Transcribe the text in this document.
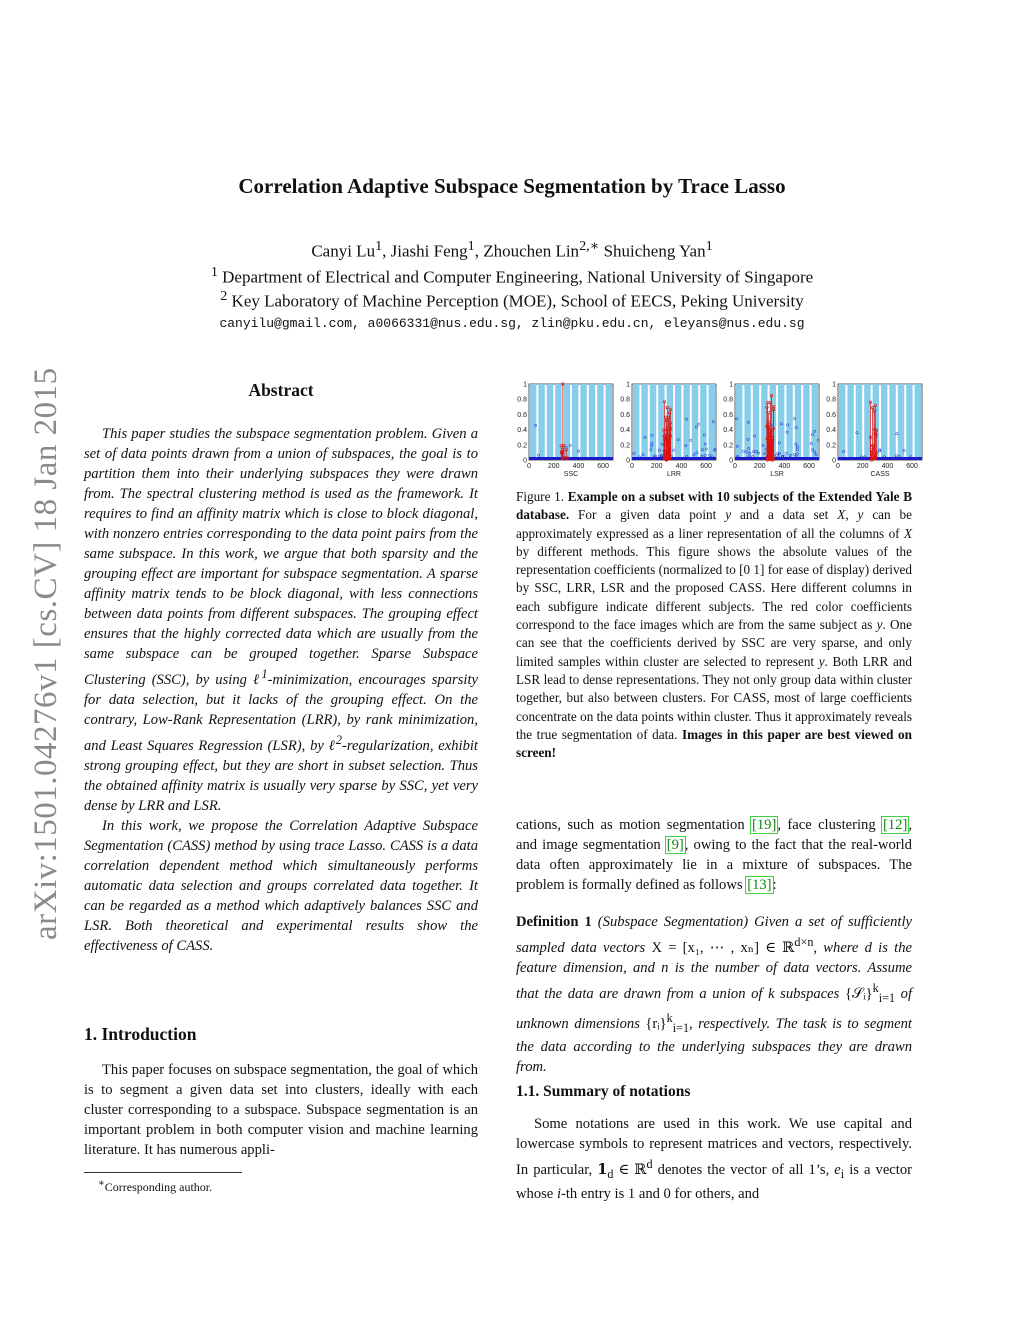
arXiv:1501.04276v1 [cs.CV] 18 Jan 2015
Correlation Adaptive Subspace Segmentation by Trace Lasso
Canyi Lu$^1$, Jiashi Feng$^1$, Zhouchen Lin$^{2,∗}$ Shuicheng Yan$^1$
$^1$ Department of Electrical and Computer Engineering, National University of Singapore
$^2$ Key Laboratory of Machine Perception (MOE), School of EECS, Peking University
canyilu@gmail.com, a0066331@nus.edu.sg, zlin@pku.edu.cn, eleyans@nus.edu.sg
Abstract

This paper studies the subspace segmentation problem. Given a set of data points drawn from a union of subspaces, the goal is to partition them into their underlying subspaces they were drawn from. The spectral clustering method is used as the framework. It requires to find an affinity matrix which is close to block diagonal, with nonzero entries corresponding to the data point pairs from the same subspace. In this work, we argue that both sparsity and the grouping effect are important for subspace segmentation. A sparse affinity matrix tends to be block diagonal, with less connections between data points from different subspaces. The grouping effect ensures that the highly corrected data which are usually from the same subspace can be grouped together. Sparse Subspace Clustering (SSC), by using ℓ$^1$-minimization, encourages sparsity for data selection, but it lacks of the grouping effect. On the contrary, Low-Rank Representation (LRR), by rank minimization, and Least Squares Regression (LSR), by ℓ$^2$-regularization, exhibit strong grouping effect, but they are short in subset selection. Thus the obtained affinity matrix is usually very sparse by SSC, yet very dense by LRR and LSR.

In this work, we propose the Correlation Adaptive Subspace Segmentation (CASS) method by using trace Lasso. CASS is a data correlation dependent method which simultaneously performs automatic data selection and groups correlated data together. It can be regarded as a method which adaptively balances SSC and LSR. Both theoretical and experimental results show the effectiveness of CASS.

1. Introduction

This paper focuses on subspace segmentation, the goal of which is to segment a given data set into clusters, ideally with each cluster corresponding to a subspace. Subspace segmentation is an important problem in both computer vision and machine learning literature. It has numerous appli-

∗Corresponding author.
1
0.8
0.6
0.4
0.2
0
0 200 400 600
SSC
1
0.8
0.6
0.4
0.2
0
0 200 400 600
LRR
1
0.8
0.6
0.4
0.2
0
0 200 400 600
LSR
1
0.8
0.6
0.4
0.2
0
0 200 400 600
CASS
Figure 1. Example on a subset with 10 subjects of the Extended Yale B database. For a given data point y and a data set X, y can be approximately expressed as a liner representation of all the columns of X by different methods. This figure shows the absolute values of the representation coefficients (normalized to [0 1] for ease of display) derived by SSC, LRR, LSR and the proposed CASS. Here different columns in each subfigure indicate different subjects. The red color coefficients correspond to the face images which are from the same subject as y. One can see that the coefficients derived by SSC are very sparse, and only limited samples within cluster are selected to represent y. Both LRR and LSR lead to dense representations. They not only group data within cluster together, but also between clusters. For CASS, most of large coefficients concentrate on the data points within cluster. Thus it approximately reveals the true segmentation of data. Images in this paper are best viewed on screen!
cations, such as motion segmentation [19], face clustering [12], and image segmentation [9], owing to the fact that the real-world data often approximately lie in a mixture of subspaces. The problem is formally defined as follows [13]:
Definition 1 (Subspace Segmentation) Given a set of sufficiently sampled data vectors X = [x₁, ⋯ , xₙ] ∈ ℝ$^{d\times n}$, where d is the feature dimension, and n is the number of data vectors. Assume that the data are drawn from a union of k subspaces {𝒮ᵢ}$^k_{i=1}$ of unknown dimensions {rᵢ}$^k_{i=1}$, respectively. The task is to segment the data according to the underlying subspaces they are drawn from.
1.1. Summary of notations

Some notations are used in this work. We use capital and lowercase symbols to represent matrices and vectors, respectively. In particular, $𝟏_d$ ∈ ℝ$^d$ denotes the vector of all 1’s, $e_i$ is a vector whose i-th entry is 1 and 0 for others, and
